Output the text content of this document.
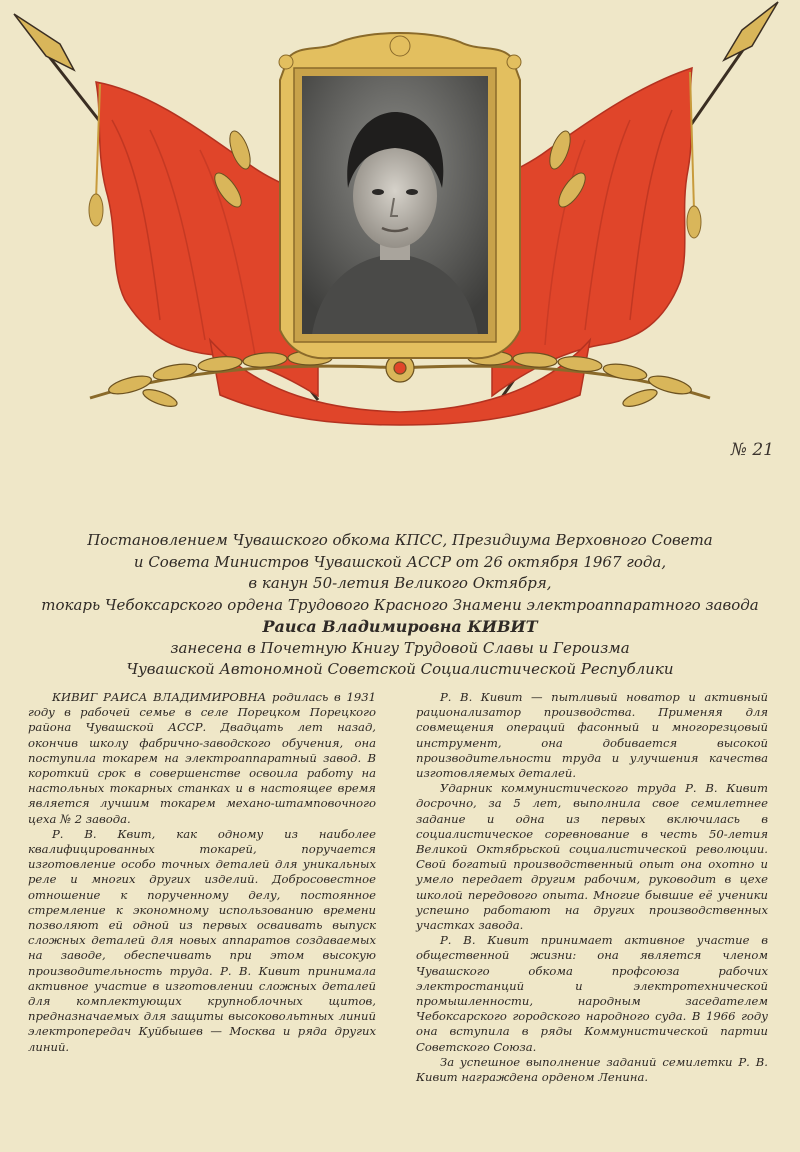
№ 21
Постановлением Чувашского обкома КПСС, Президиума Верховного Совета
и Совета Министров Чувашской АССР от 26 октября 1967 года,
в канун 50-летия Великого Октября,
токарь Чебоксарского ордена Трудового Красного Знамени электроаппаратного завода
Раиса Владимировна КИВИТ
занесена в Почетную Книгу Трудовой Славы и Героизма
Чувашской Автономной Советской Социалистической Республики

КИВИГ РАИСА ВЛАДИМИРОВНА родилась в 1931 году в рабочей семье в селе Порецком Порецкого района Чувашской АССР. Двадцать лет назад, окончив школу фабрично-заводского обучения, она поступила токарем на электроаппаратный завод. В короткий срок в совершенстве освоила работу на настольных токарных станках и в настоящее время является лучшим токарем механо-штамповочного цеха № 2 завода.

Р. В. Квит, как одному из наиболее квалифицированных токарей, поручается изготовление особо точных деталей для уникальных реле и многих других изделий. Добросовестное отношение к порученному делу, постоянное стремление к экономному использованию времени позволяют ей одной из первых осваивать выпуск сложных деталей для новых аппаратов создаваемых на заводе, обеспечивать при этом высокую производительность труда. Р. В. Кивит принимала активное участие в изготовлении сложных деталей для комплектующих крупноблочных щитов, предназначаемых для защиты высоковольтных линий электропередач Куйбышев — Москва и ряда других линий.

Р. В. Кивит — пытливый новатор и активный рационализатор производства. Применяя для совмещения операций фасонный и многорезцовый инструмент, она добивается высокой производительности труда и улучшения качества изготовляемых деталей.

Ударник коммунистического труда Р. В. Кивит досрочно, за 5 лет, выполнила свое семилетнее задание и одна из первых включилась в социалистическое соревнование в честь 50-летия Великой Октябрьской социалистической революции. Свой богатый производственный опыт она охотно и умело передает другим рабочим, руководит в цехе школой передового опыта. Многие бывшие её ученики успешно работают на других производственных участках завода.

Р. В. Кивит принимает активное участие в общественной жизни: она является членом Чувашского обкома профсоюза рабочих электростанций и электротехнической промышленности, народным заседателем Чебоксарского городского народного суда. В 1966 году она вступила в ряды Коммунистической партии Советского Союза.

За успешное выполнение заданий семилетки Р. В. Кивит награждена орденом Ленина.
